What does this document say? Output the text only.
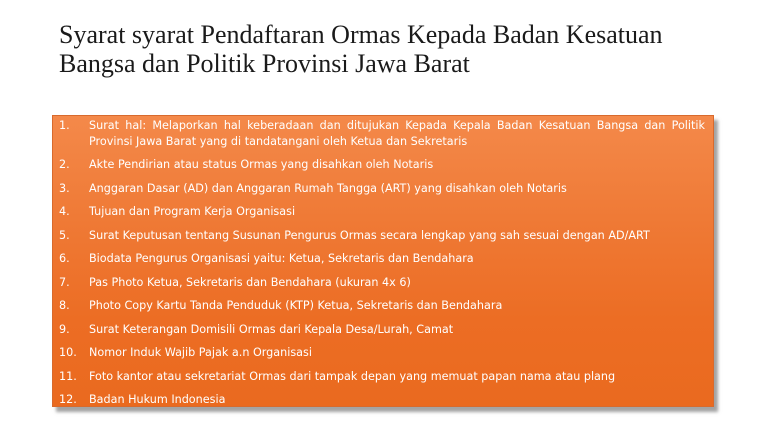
Syarat syarat Pendaftaran Ormas Kepada Badan Kesatuan Bangsa dan Politik Provinsi Jawa Barat
1.	Surat hal: Melaporkan hal keberadaan dan ditujukan Kepada Kepala Badan Kesatuan Bangsa dan Politik Provinsi Jawa Barat yang di tandatangani oleh Ketua dan Sekretaris
2.	Akte Pendirian atau status Ormas yang disahkan oleh Notaris
3.	Anggaran Dasar (AD) dan Anggaran Rumah Tangga (ART) yang disahkan oleh Notaris
4.	Tujuan dan Program Kerja Organisasi
5.	Surat Keputusan tentang Susunan Pengurus Ormas secara lengkap yang sah sesuai dengan AD/ART
6.	Biodata Pengurus Organisasi yaitu: Ketua, Sekretaris dan Bendahara
7.	Pas Photo Ketua, Sekretaris dan Bendahara (ukuran 4x 6)
8.	Photo Copy Kartu Tanda Penduduk (KTP) Ketua, Sekretaris dan Bendahara
9.	Surat Keterangan Domisili Ormas dari Kepala Desa/Lurah, Camat
10.	Nomor Induk Wajib Pajak a.n Organisasi
11.	Foto kantor atau sekretariat Ormas dari tampak depan yang memuat papan nama atau plang
12.	Badan Hukum Indonesia
